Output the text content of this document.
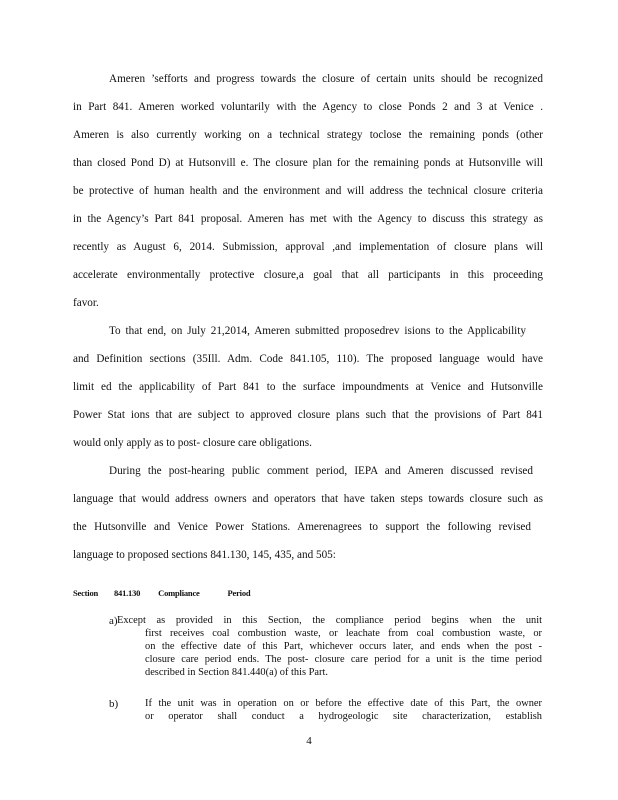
Ameren ’sefforts and progress towards the closure of certain units should be recognized
in Part 841. Ameren worked voluntarily with the Agency to close Ponds 2 and 3 at Venice .
Ameren is also currently working on a technical strategy toclose the remaining ponds (other
than closed Pond D) at Hutsonvill e. The closure plan for the remaining ponds at Hutsonville will
be protective of human health and the environment and will address the technical closure criteria
in the Agency’s Part 841 proposal. Ameren has met with the Agency to discuss this strategy as
recently as August 6, 2014. Submission, approval ,and implementation of closure plans will
accelerate environmentally protective closure,a goal that all participants in this proceeding
favor.
To that end, on July 21,2014, Ameren submitted proposedrev isions to the Applicability
and Definition sections (35Ill. Adm. Code 841.105, 110). The proposed language would have
limit ed the applicability of Part 841 to the surface impoundments at Venice and Hutsonville
Power Stat ions that are subject to approved closure plans such that the provisions of Part 841
would only apply as to post- closure care obligations.
During the post-hearing public comment period, IEPA and Ameren discussed revised
language that would address owners and operators that have taken steps towards closure such as
the Hutsonville and Venice Power Stations. Amerenagrees to support the following revised
language to proposed sections 841.130, 145, 435, and 505:
Section 841.130 Compliance	Period
a) Except as provided in this Section, the compliance period begins when the unit
first receives coal combustion waste, or leachate from coal combustion waste, or
on the effective date of this Part, whichever occurs later, and ends when the post -
closure care period ends. The post- closure care period for a unit is the time period
described in Section 841.440(a) of this Part.
b)	If the unit was in operation on or before the effective date of this Part, the owner
or operator shall conduct a hydrogeologic site characterization, establish
4
